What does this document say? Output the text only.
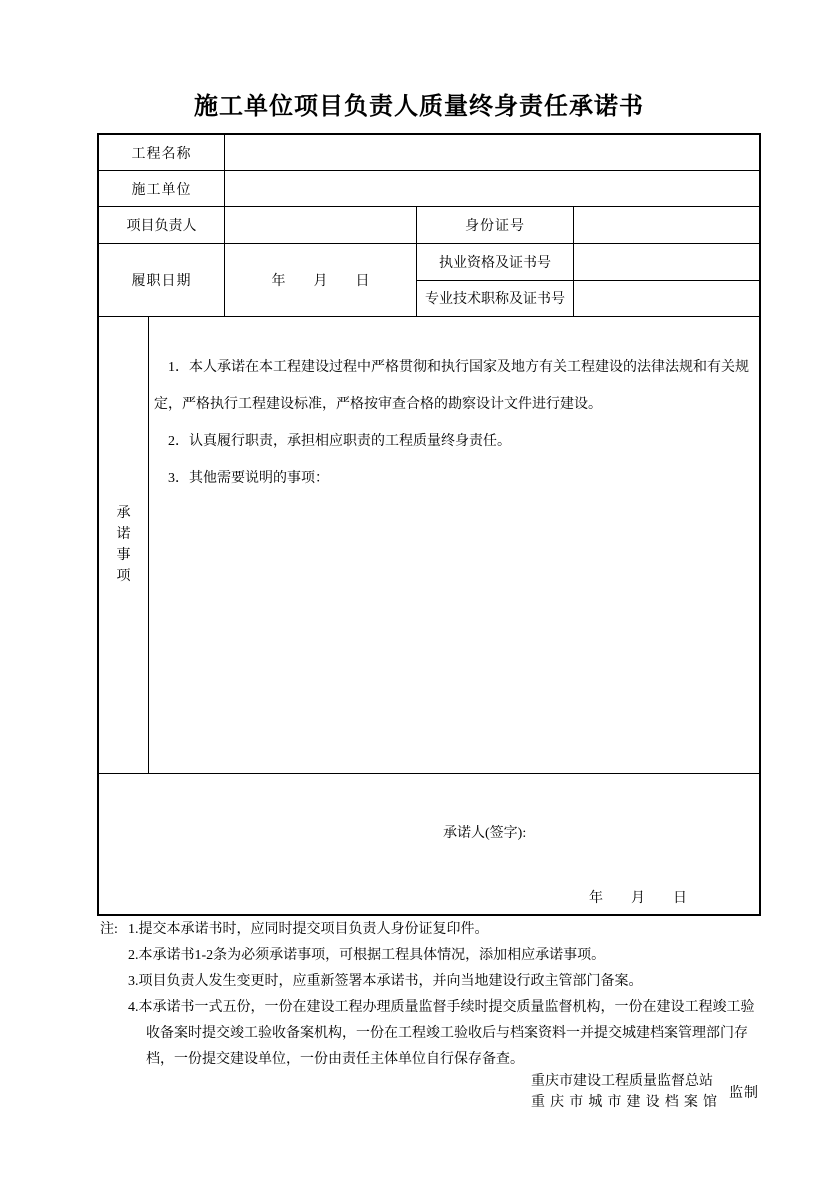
施工单位项目负责人质量终身责任承诺书
工程名称
施工单位
项目负责人	身份证号
履职日期	年　　月　　日
执业资格及证书号
专业技术职称及证书号
承诺事项

1．本人承诺在本工程建设过程中严格贯彻和执行国家及地方有关工程建设的法律法规和有关规定，严格执行工程建设标准，严格按审查合格的勘察设计文件进行建设。

2．认真履行职责，承担相应职责的工程质量终身责任。

3．其他需要说明的事项：

承诺人(签字):
年　　月　　日
注: 1.提交本承诺书时，应同时提交项目负责人身份证复印件。
2.本承诺书1-2条为必须承诺事项，可根据工程具体情况，添加相应承诺事项。
3.项目负责人发生变更时，应重新签署本承诺书，并向当地建设行政主管部门备案。
4.本承诺书一式五份，一份在建设工程办理质量监督手续时提交质量监督机构，一份在建设工程竣工验收备案时提交竣工验收备案机构，一份在工程竣工验收后与档案资料一并提交城建档案管理部门存档，一份提交建设单位，一份由责任主体单位自行保存备查。
重庆市建设工程质量监督总站
重庆市城市建设档案馆
监制
